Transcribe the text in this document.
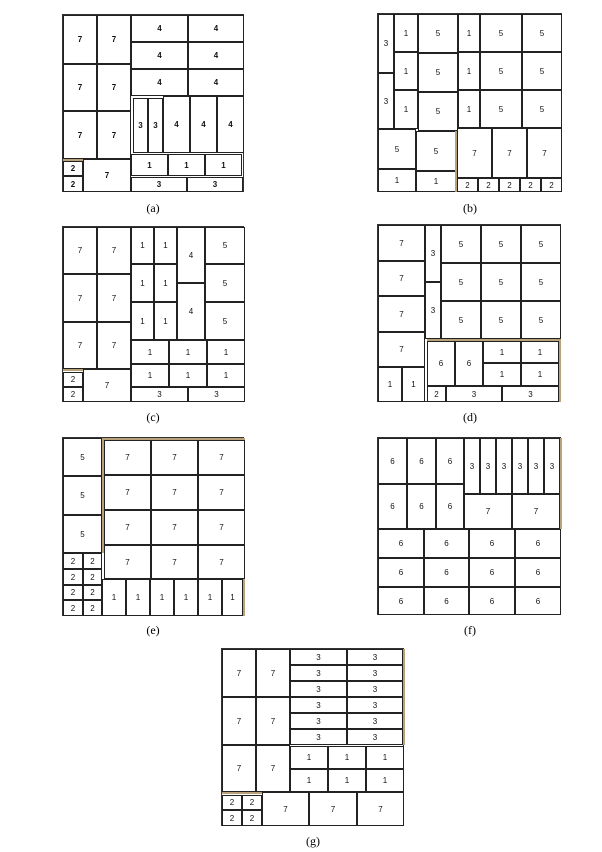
7	7
7	7
7	7
2
2
7
4	4
4	4
4	4
3	3	4	4	4
1	1	1
3	3
(a)
3
3
1
1
1
5
5
5
1
1
1
5	5
5	5
5	5
5	5	7	7	7
1	1	2	2	2	2	2
(b)
7	7
7	7
7	7
2
2
7
1	1
1	1
1	1
4
4
5
5
5
1	1	1
1	1	1
3	3
(c)
7
7
7
7
1	1
3
3
5	5	5
5	5	5
5	5	5
6	6
1	1
1	1
2	3	3
(d)
5
5
5
2	2
2	2
2	2
2	2
7	7	7
7	7	7
7	7	7
7	7	7
1	1	1	1	1	1
(e)
6	6	6
6	6	6
3	3	3	3	3	3
7	7
6	6	6	6
6	6	6	6
6	6	6	6
(f)
7	7
7	7
7	7
3	3
3	3
3	3
3	3
3	3
3	3
1	1	1
1	1	1
2	2
2	2
7	7	7
(g)
